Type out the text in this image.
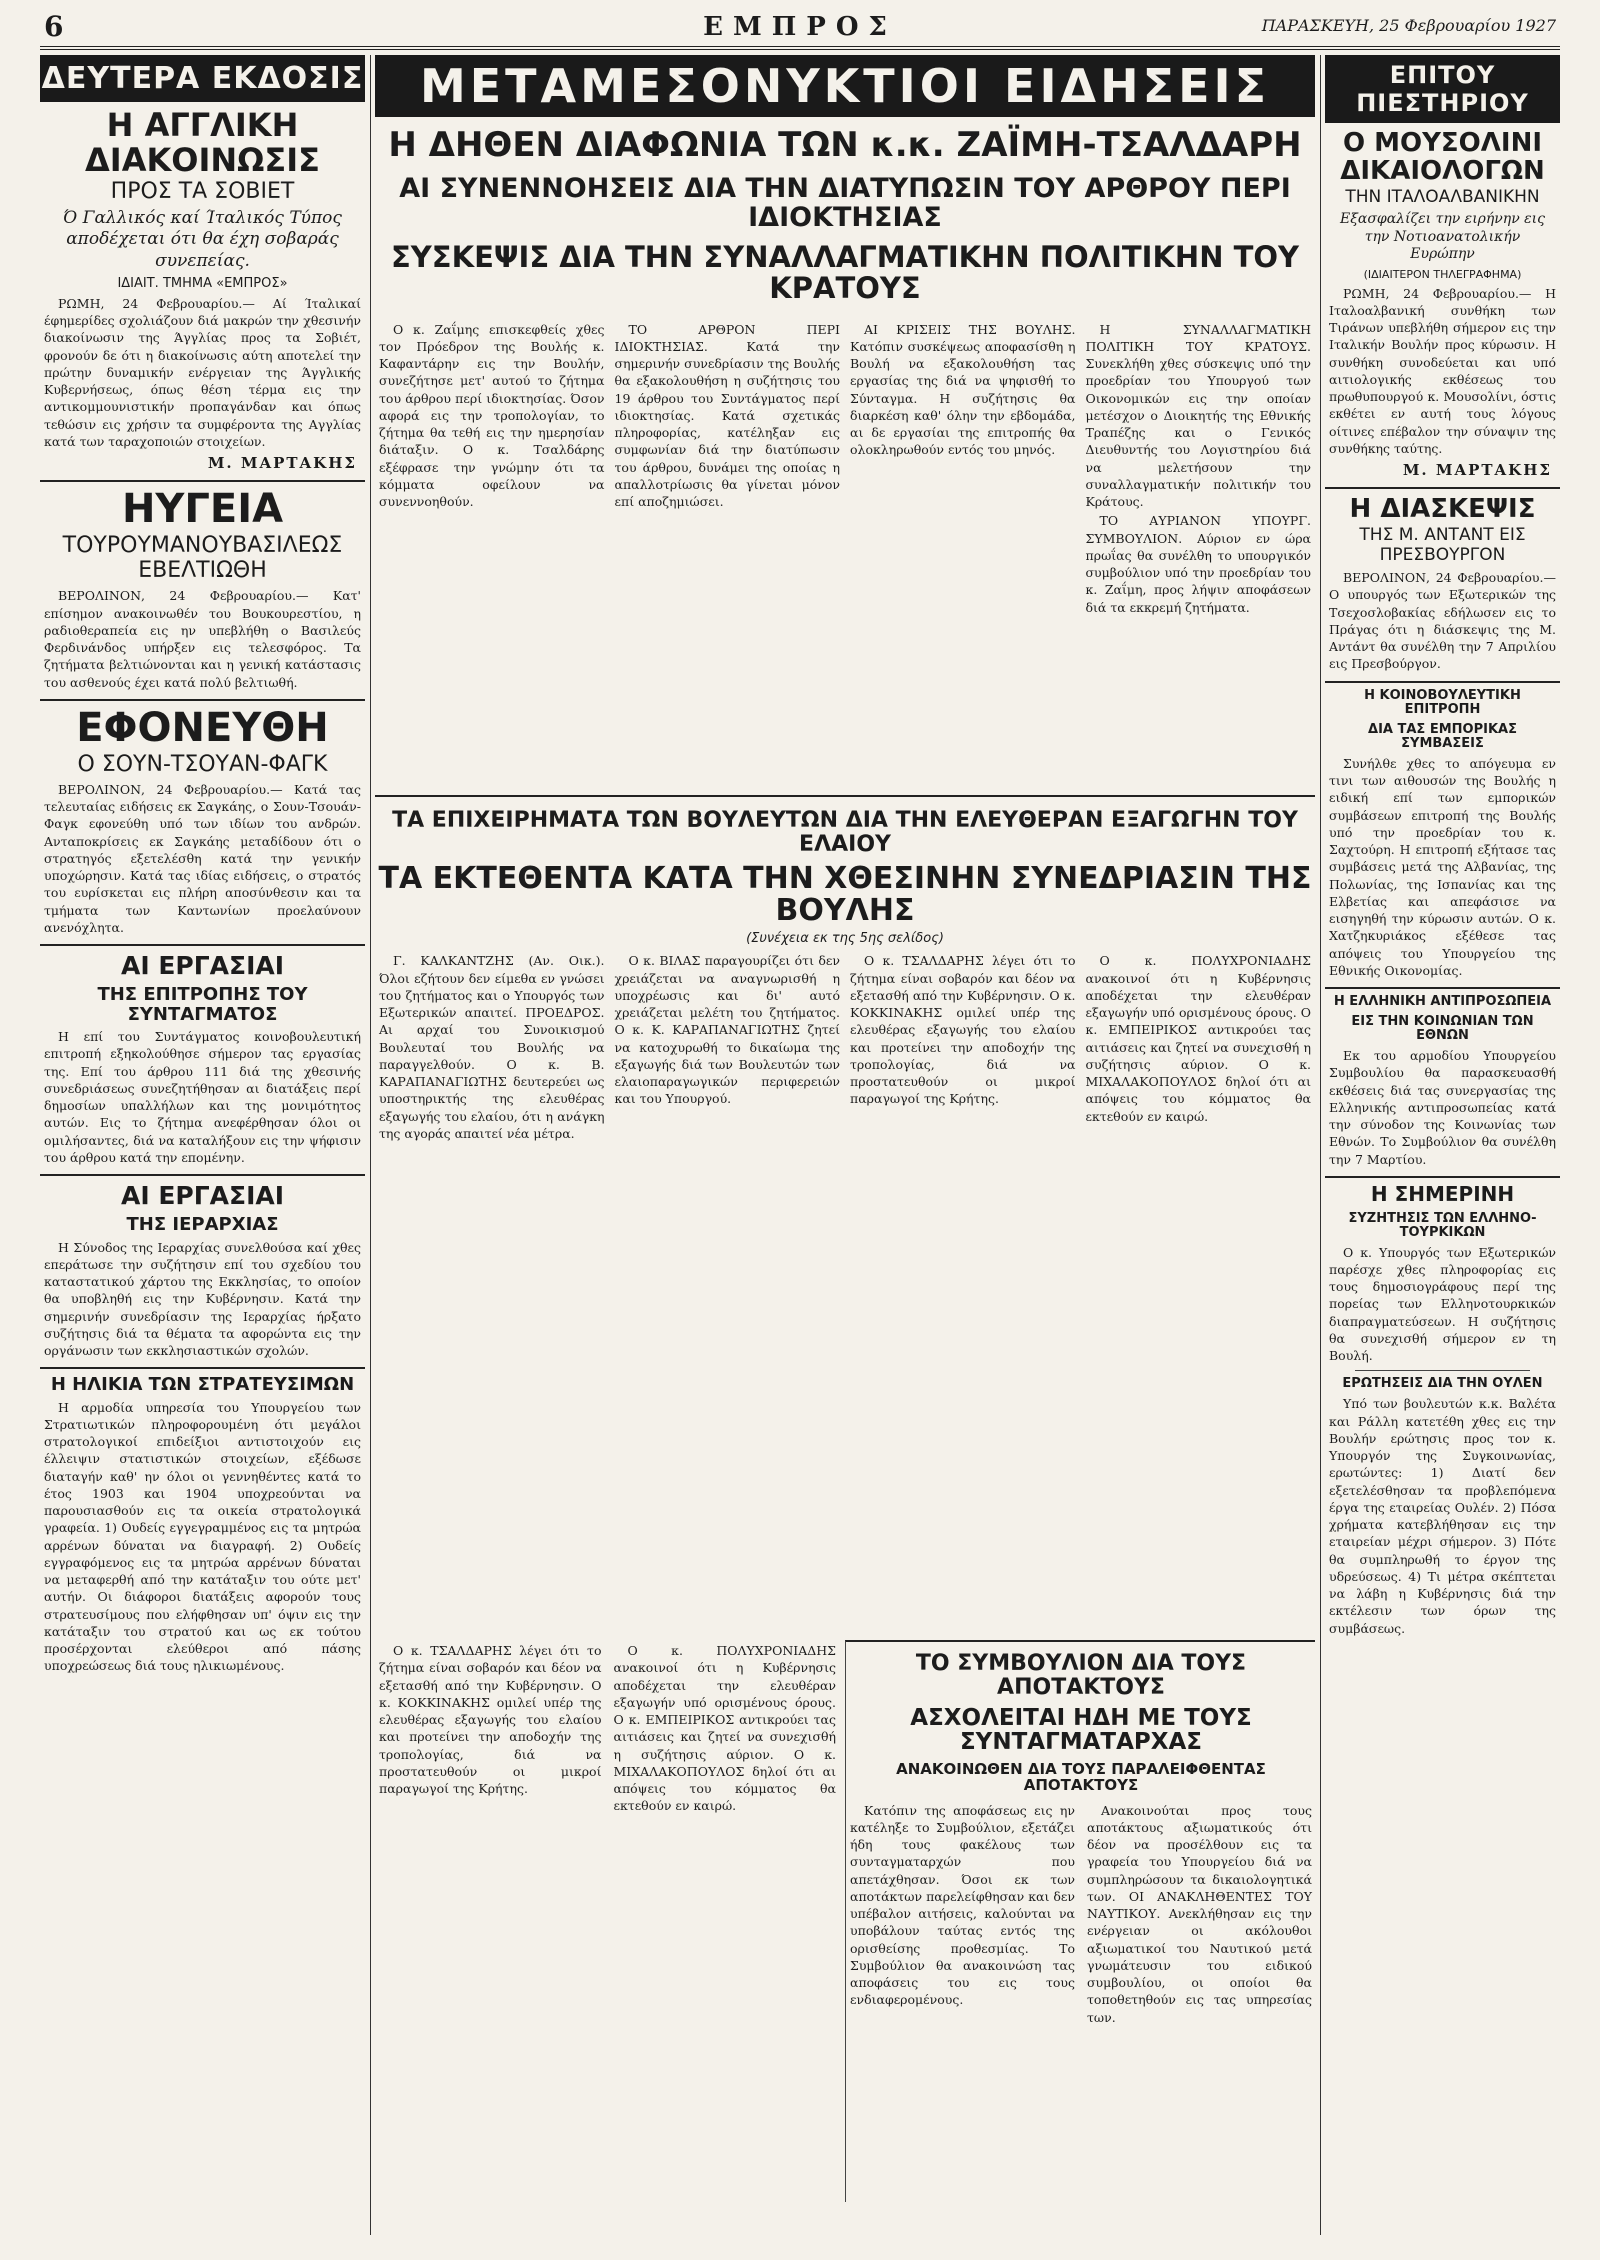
6	ΕΜΠΡΟΣ	ΠΑΡΑΣΚΕΥΗ, 25 Φεβρουαρίου 1927
ΔΕΥΤΕΡΑ ΕΚΔΟΣΙΣ
Η ΑΓΓΛΙΚΗ ΔΙΑΚΟΙΝΩΣΙΣ
ΠΡΟΣ ΤΑ ΣΟΒΙΕΤ
Ό Γαλλικός καί Ίταλικός Τύπος αποδέχεται ότι θα έχη σοβαράς συνεπείας.
ΙΔΙΑΙΤ. ΤΜΗΜΑ «ΕΜΠΡΟΣ»

ΡΩΜΗ, 24 Φεβρουαρίου.— Αί Ίταλικαί έφημερίδες σχολιάζουν διά μακρών την χθεσινήν διακοίνωσιν της Άγγλίας προς τα Σοβιέτ, φρονούν δε ότι η διακοίνωσις αύτη αποτελεί την πρώτην δυναμικήν ενέργειαν της Άγγλικής Κυβερνήσεως, όπως θέση τέρμα εις την αντικομμουνιστικήν προπαγάνδαν και όπως τεθώσιν εις χρήσιν τα συμφέροντα της Αγγλίας κατά των ταραχοποιών στοιχείων.

Μ. ΜΑΡΤΑΚΗΣ
ΗΥΓΕΙΑ
ΤΟΥΡΟΥΜΑΝΟΥΒΑΣΙΛΕΩΣ ΕΒΕΛΤΙΩΘΗ

ΒΕΡΟΛΙΝΟΝ, 24 Φεβρουαρίου.— Κατ' επίσημον ανακοινωθέν του Βουκουρεστίου, η ραδιοθεραπεία εις ην υπεβλήθη ο Βασιλεύς Φερδινάνδος υπήρξεν εις τελεσφόρος. Τα ζητήματα βελτιώνονται και η γενική κατάστασις του ασθενούς έχει κατά πολύ βελτιωθή.

ΕΦΟΝΕΥΘΗ
Ο ΣΟΥΝ-ΤΣΟΥΑΝ-ΦΑΓΚ

ΒΕΡΟΛΙΝΟΝ, 24 Φεβρουαρίου.— Κατά τας τελευταίας ειδήσεις εκ Σαγκάης, ο Σουν-Τσουάν-Φαγκ εφονεύθη υπό των ιδίων του ανδρών. Ανταποκρίσεις εκ Σαγκάης μεταδίδουν ότι ο στρατηγός εξετελέσθη κατά την γενικήν υποχώρησιν. Κατά τας ιδίας ειδήσεις, ο στρατός του ευρίσκεται εις πλήρη αποσύνθεσιν και τα τμήματα των Καντωνίων προελαύνουν ανενόχλητα.

ΑΙ ΕΡΓΑΣΙΑΙ
ΤΗΣ ΕΠΙΤΡΟΠΗΣ ΤΟΥ ΣΥΝΤΑΓΜΑΤΟΣ

Η επί του Συντάγματος κοινοβουλευτική επιτροπή εξηκολούθησε σήμερον τας εργασίας της. Επί του άρθρου 111 διά της χθεσινής συνεδριάσεως συνεζητήθησαν αι διατάξεις περί δημοσίων υπαλλήλων και της μονιμότητος αυτών. Εις το ζήτημα ανεφέρθησαν όλοι οι ομιλήσαντες, διά να καταλήξουν εις την ψήφισιν του άρθρου κατά την επομένην.

ΑΙ ΕΡΓΑΣΙΑΙ
ΤΗΣ ΙΕΡΑΡΧΙΑΣ

Η Σύνοδος της Ιεραρχίας συνελθούσα καί χθες επεράτωσε την συζήτησιν επί του σχεδίου του καταστατικού χάρτου της Εκκλησίας, το οποίον θα υποβληθή εις την Κυβέρνησιν. Κατά την σημερινήν συνεδρίασιν της Ιεραρχίας ήρξατο συζήτησις διά τα θέματα τα αφορώντα εις την οργάνωσιν των εκκλησιαστικών σχολών.

Η ΗΛΙΚΙΑ ΤΩΝ ΣΤΡΑΤΕΥΣΙΜΩΝ

Η αρμοδία υπηρεσία του Υπουργείου των Στρατιωτικών πληροφορουμένη ότι μεγάλοι στρατολογικοί επιδείξιοι αντιστοιχούν εις έλλειψιν στατιστικών στοιχείων, εξέδωσε διαταγήν καθ' ην όλοι οι γεννηθέντες κατά το έτος 1903 και 1904 υποχρεούνται να παρουσιασθούν εις τα οικεία στρατολογικά γραφεία. 1) Ουδείς εγγεγραμμένος εις τα μητρώα αρρένων δύναται να διαγραφή. 2) Ουδείς εγγραφόμενος εις τα μητρώα αρρένων δύναται να μεταφερθή από την κατάταξιν του ούτε μετ' αυτήν. Οι διάφοροι διατάξεις αφορούν τους στρατευσίμους που ελήφθησαν υπ' όψιν εις την κατάταξιν του στρατού και ως εκ τούτου προσέρχονται ελεύθεροι από πάσης υποχρεώσεως διά τους ηλικιωμένους.

ΜΕΤΑΜΕΣΟΝΥΚΤΙΟΙ ΕΙΔΗΣΕΙΣ
Η ΔΗΘΕΝ ΔΙΑΦΩΝΙΑ ΤΩΝ κ.κ. ΖΑΪΜΗ-ΤΣΑΛΔΑΡΗ
ΑΙ ΣΥΝΕΝΝΟΗΣΕΙΣ ΔΙΑ ΤΗΝ ΔΙΑΤΥΠΩΣΙΝ ΤΟΥ ΑΡΘΡΟΥ ΠΕΡΙ ΙΔΙΟΚΤΗΣΙΑΣ
ΣΥΣΚΕΨΙΣ ΔΙΑ ΤΗΝ ΣΥΝΑΛΛΑΓΜΑΤΙΚΗΝ ΠΟΛΙΤΙΚΗΝ ΤΟΥ ΚΡΑΤΟΥΣ

Ο κ. Ζαΐμης επισκεφθείς χθες τον Πρόεδρον της Βουλής κ. Καφαντάρην εις την Βουλήν, συνεζήτησε μετ' αυτού το ζήτημα του άρθρου περί ιδιοκτησίας. Όσον αφορά εις την τροπολογίαν, το ζήτημα θα τεθή εις την ημερησίαν διάταξιν. Ο κ. Τσαλδάρης εξέφρασε την γνώμην ότι τα κόμματα οφείλουν να συνεννοηθούν.

ΤΟ ΑΡΘΡΟΝ ΠΕΡΙ ΙΔΙΟΚΤΗΣΙΑΣ. Κατά την σημερινήν συνεδρίασιν της Βουλής θα εξακολουθήση η συζήτησις του 19 άρθρου του Συντάγματος περί ιδιοκτησίας. Κατά σχετικάς πληροφορίας, κατέληξαν εις συμφωνίαν διά την διατύπωσιν του άρθρου, δυνάμει της οποίας η απαλλοτρίωσις θα γίνεται μόνον επί αποζημιώσει.

ΑΙ ΚΡΙΣΕΙΣ ΤΗΣ ΒΟΥΛΗΣ. Κατόπιν συσκέψεως αποφασίσθη η Βουλή να εξακολουθήση τας εργασίας της διά να ψηφισθή το Σύνταγμα. Η συζήτησις θα διαρκέση καθ' όλην την εβδομάδα, αι δε εργασίαι της επιτροπής θα ολοκληρωθούν εντός του μηνός.

Η ΣΥΝΑΛΛΑΓΜΑΤΙΚΗ ΠΟΛΙΤΙΚΗ ΤΟΥ ΚΡΑΤΟΥΣ. Συνεκλήθη χθες σύσκεψις υπό την προεδρίαν του Υπουργού των Οικονομικών εις την οποίαν μετέσχον ο Διοικητής της Εθνικής Τραπέζης και ο Γενικός Διευθυντής του Λογιστηρίου διά να μελετήσουν την συναλλαγματικήν πολιτικήν του Κράτους.

ΤΟ ΑΥΡΙΑΝΟΝ ΥΠΟΥΡΓ. ΣΥΜΒΟΥΛΙΟΝ. Αύριον εν ώρα πρωΐας θα συνέλθη το υπουργικόν συμβούλιον υπό την προεδρίαν του κ. Ζαΐμη, προς λήψιν αποφάσεων διά τα εκκρεμή ζητήματα.

ΤΑ ΕΠΙΧΕΙΡΗΜΑΤΑ ΤΩΝ ΒΟΥΛΕΥΤΩΝ ΔΙΑ ΤΗΝ ΕΛΕΥΘΕΡΑΝ ΕΞΑΓΩΓΗΝ ΤΟΥ ΕΛΑΙΟΥ
ΤΑ ΕΚΤΕΘΕΝΤΑ ΚΑΤΑ ΤΗΝ ΧΘΕΣΙΝΗΝ ΣΥΝΕΔΡΙΑΣΙΝ ΤΗΣ ΒΟΥΛΗΣ
(Συνέχεια εκ της 5ης σελίδος)

Γ. ΚΑΛΚΑΝΤΖΗΣ (Αν. Οικ.). Όλοι εζήτουν δεν είμεθα εν γνώσει του ζητήματος και ο Υπουργός των Εξωτερικών απαιτεί. ΠΡΟΕΔΡΟΣ. Αι αρχαί του Συνοικισμού Βουλευταί του Βουλής να παραγγελθούν. Ο κ. Β. ΚΑΡΑΠΑΝΑΓΙΩΤΗΣ δευτερεύει ως υποστηρικτής της ελευθέρας εξαγωγής του ελαίου, ότι η ανάγκη της αγοράς απαιτεί νέα μέτρα.

Ο κ. ΒΙΛΑΣ παραγουρίζει ότι δεν χρειάζεται να αναγνωρισθή η υποχρέωσις και δι' αυτό χρειάζεται μελέτη του ζητήματος. Ο κ. Κ. ΚΑΡΑΠΑΝΑΓΙΩΤΗΣ ζητεί να κατοχυρωθή το δικαίωμα της εξαγωγής διά των Βουλευτών των ελαιοπαραγωγικών περιφερειών και του Υπουργού.

Ο κ. ΤΣΑΛΔΑΡΗΣ λέγει ότι το ζήτημα είναι σοβαρόν και δέον να εξετασθή από την Κυβέρνησιν. Ο κ. ΚΟΚΚΙΝΑΚΗΣ ομιλεί υπέρ της ελευθέρας εξαγωγής του ελαίου και προτείνει την αποδοχήν της τροπολογίας, διά να προστατευθούν οι μικροί παραγωγοί της Κρήτης.

Ο κ. ΠΟΛΥΧΡΟΝΙΑΔΗΣ ανακοινοί ότι η Κυβέρνησις αποδέχεται την ελευθέραν εξαγωγήν υπό ορισμένους όρους. Ο κ. ΕΜΠΕΙΡΙΚΟΣ αντικρούει τας αιτιάσεις και ζητεί να συνεχισθή η συζήτησις αύριον. Ο κ. ΜΙΧΑΛΑΚΟΠΟΥΛΟΣ δηλοί ότι αι απόψεις του κόμματος θα εκτεθούν εν καιρώ.

ΤΟ ΣΥΜΒΟΥΛΙΟΝ ΔΙΑ ΤΟΥΣ ΑΠΟΤΑΚΤΟΥΣ
ΑΣΧΟΛΕΙΤΑΙ ΗΔΗ ΜΕ ΤΟΥΣ ΣΥΝΤΑΓΜΑΤΑΡΧΑΣ
ΑΝΑΚΟΙΝΩΘΕΝ ΔΙΑ ΤΟΥΣ ΠΑΡΑΛΕΙΦΘΕΝΤΑΣ ΑΠΟΤΑΚΤΟΥΣ

Κατόπιν της αποφάσεως εις ην κατέληξε το Συμβούλιον, εξετάζει ήδη τους φακέλους των συνταγματαρχών που απετάχθησαν. Όσοι εκ των αποτάκτων παρελείφθησαν και δεν υπέβαλον αιτήσεις, καλούνται να υποβάλουν ταύτας εντός της ορισθείσης προθεσμίας. Το Συμβούλιον θα ανακοινώση τας αποφάσεις του εις τους ενδιαφερομένους.

Ανακοινούται προς τους αποτάκτους αξιωματικούς ότι δέον να προσέλθουν εις τα γραφεία του Υπουργείου διά να συμπληρώσουν τα δικαιολογητικά των. ΟΙ ΑΝΑΚΛΗΘΕΝΤΕΣ ΤΟΥ ΝΑΥΤΙΚΟΥ. Ανεκλήθησαν εις την ενέργειαν οι ακόλουθοι αξιωματικοί του Ναυτικού μετά γνωμάτευσιν του ειδικού συμβουλίου, οι οποίοι θα τοποθετηθούν εις τας υπηρεσίας των.

Ο κ. ΤΣΑΛΔΑΡΗΣ λέγει ότι το ζήτημα είναι σοβαρόν και δέον να εξετασθή από την Κυβέρνησιν. Ο κ. ΚΟΚΚΙΝΑΚΗΣ ομιλεί υπέρ της ελευθέρας εξαγωγής του ελαίου και προτείνει την αποδοχήν της τροπολογίας, διά να προστατευθούν οι μικροί παραγωγοί της Κρήτης.

Ο κ. ΠΟΛΥΧΡΟΝΙΑΔΗΣ ανακοινοί ότι η Κυβέρνησις αποδέχεται την ελευθέραν εξαγωγήν υπό ορισμένους όρους. Ο κ. ΕΜΠΕΙΡΙΚΟΣ αντικρούει τας αιτιάσεις και ζητεί να συνεχισθή η συζήτησις αύριον. Ο κ. ΜΙΧΑΛΑΚΟΠΟΥΛΟΣ δηλοί ότι αι απόψεις του κόμματος θα εκτεθούν εν καιρώ.

ΕΠΙΤΟΥ ΠΙΕΣΤΗΡΙΟΥ
Ο ΜΟΥΣΟΛΙΝΙ ΔΙΚΑΙΟΛΟΓΩΝ
ΤΗΝ ΙΤΑΛΟΑΛΒΑΝΙΚΗΝ
Εξασφαλίζει την ειρήνην εις την Νοτιοανατολικήν Ευρώπην
(ΙΔΙΑΙΤΕΡΟΝ ΤΗΛΕΓΡΑΦΗΜΑ)

ΡΩΜΗ, 24 Φεβρουαρίου.— Η Ιταλοαλβανική συνθήκη των Τιράνων υπεβλήθη σήμερον εις την Ιταλικήν Βουλήν προς κύρωσιν. Η συνθήκη συνοδεύεται και υπό αιτιολογικής εκθέσεως του πρωθυπουργού κ. Μουσολίνι, όστις εκθέτει εν αυτή τους λόγους οίτινες επέβαλον την σύναψιν της συνθήκης ταύτης.

Μ. ΜΑΡΤΑΚΗΣ
Η ΔΙΑΣΚΕΨΙΣ
ΤΗΣ Μ. ΑΝΤΑΝΤ ΕΙΣ ΠΡΕΣΒΟΥΡΓΟΝ

ΒΕΡΟΛΙΝΟΝ, 24 Φεβρουαρίου.— Ο υπουργός των Εξωτερικών της Τσεχοσλοβακίας εδήλωσεν εις το Πράγας ότι η διάσκεψις της Μ. Αντάντ θα συνέλθη την 7 Απριλίου εις Πρεσβούργον.

Η ΚΟΙΝΟΒΟΥΛΕΥΤΙΚΗ ΕΠΙΤΡΟΠΗ
ΔΙΑ ΤΑΣ ΕΜΠΟΡΙΚΑΣ ΣΥΜΒΑΣΕΙΣ

Συνήλθε χθες το απόγευμα εν τινι των αιθουσών της Βουλής η ειδική επί των εμπορικών συμβάσεων επιτροπή της Βουλής υπό την προεδρίαν του κ. Σαχτούρη. Η επιτροπή εξήτασε τας συμβάσεις μετά της Αλβανίας, της Πολωνίας, της Ισπανίας και της Ελβετίας και απεφάσισε να εισηγηθή την κύρωσιν αυτών. Ο κ. Χατζηκυριάκος εξέθεσε τας απόψεις του Υπουργείου της Εθνικής Οικονομίας.

Η ΕΛΛΗΝΙΚΗ ΑΝΤΙΠΡΟΣΩΠΕΙΑ
ΕΙΣ ΤΗΝ ΚΟΙΝΩΝΙΑΝ ΤΩΝ ΕΘΝΩΝ

Εκ του αρμοδίου Υπουργείου Συμβουλίου θα παρασκευασθή εκθέσεις διά τας συνεργασίας της Ελληνικής αντιπροσωπείας κατά την σύνοδον της Κοινωνίας των Εθνών. Το Συμβούλιον θα συνέλθη την 7 Μαρτίου.

Η ΣΗΜΕΡΙΝΗ
ΣΥΖΗΤΗΣΙΣ ΤΩΝ ΕΛΛΗΝΟ-ΤΟΥΡΚΙΚΩΝ

Ο κ. Υπουργός των Εξωτερικών παρέσχε χθες πληροφορίας εις τους δημοσιογράφους περί της πορείας των Ελληνοτουρκικών διαπραγματεύσεων. Η συζήτησις θα συνεχισθή σήμερον εν τη Βουλή.

ΕΡΩΤΗΣΕΙΣ ΔΙΑ ΤΗΝ ΟΥΛΕΝ

Υπό των βουλευτών κ.κ. Βαλέτα και Ράλλη κατετέθη χθες εις την Βουλήν ερώτησις προς τον κ. Υπουργόν της Συγκοινωνίας, ερωτώντες: 1) Διατί δεν εξετελέσθησαν τα προβλεπόμενα έργα της εταιρείας Ουλέν. 2) Πόσα χρήματα κατεβλήθησαν εις την εταιρείαν μέχρι σήμερον. 3) Πότε θα συμπληρωθή το έργον της υδρεύσεως. 4) Τι μέτρα σκέπτεται να λάβη η Κυβέρνησις διά την εκτέλεσιν των όρων της συμβάσεως.
